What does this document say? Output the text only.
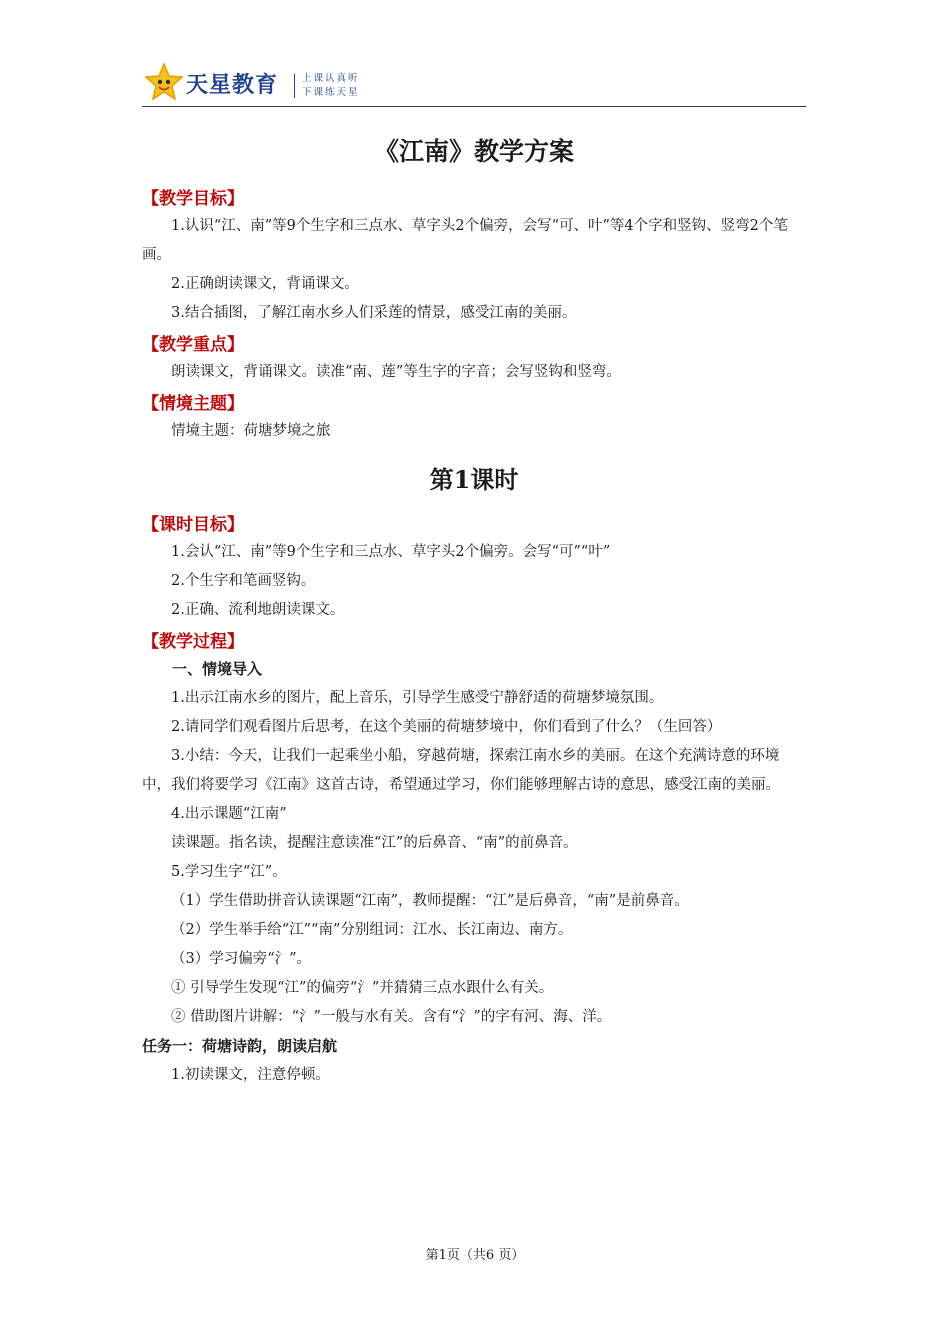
天星教育	上课认真听
下课练天星
《江南》教学方案
【教学目标】

1.认识“江、南”等9个生字和三点水、草字头2个偏旁，会写“可、叶”等4个字和竖钩、竖弯2个笔画。

2.正确朗读课文，背诵课文。

3.结合插图，了解江南水乡人们采莲的情景，感受江南的美丽。

【教学重点】

朗读课文，背诵课文。读准“南、莲”等生字的字音；会写竖钩和竖弯。

【情境主题】

情境主题：荷塘梦境之旅

第1课时
【课时目标】

1.会认“江、南”等9个生字和三点水、草字头2个偏旁。会写“可”“叶”

2.个生字和笔画竖钩。

2.正确、流利地朗读课文。

【教学过程】
一、情境导入

1.出示江南水乡的图片，配上音乐，引导学生感受宁静舒适的荷塘梦境氛围。

2.请同学们观看图片后思考，在这个美丽的荷塘梦境中，你们看到了什么？（生回答）

3.小结：今天，让我们一起乘坐小船，穿越荷塘，探索江南水乡的美丽。在这个充满诗意的环境中，我们将要学习《江南》这首古诗，希望通过学习，你们能够理解古诗的意思，感受江南的美丽。

4.出示课题“江南”

读课题。指名读，提醒注意读准“江”的后鼻音、“南”的前鼻音。

5.学习生字“江”。

（1）学生借助拼音认读课题“江南”，教师提醒：“江”是后鼻音，“南”是前鼻音。

（2）学生举手给“江”“南”分别组词：江水、长江南边、南方。

（3）学习偏旁“氵”。

① 引导学生发现“江”的偏旁“氵”并猜猜三点水跟什么有关。

② 借助图片讲解：“氵”一般与水有关。含有“氵”的字有河、海、洋。

任务一：荷塘诗韵，朗读启航

1.初读课文，注意停顿。

第1页（共6 页）
